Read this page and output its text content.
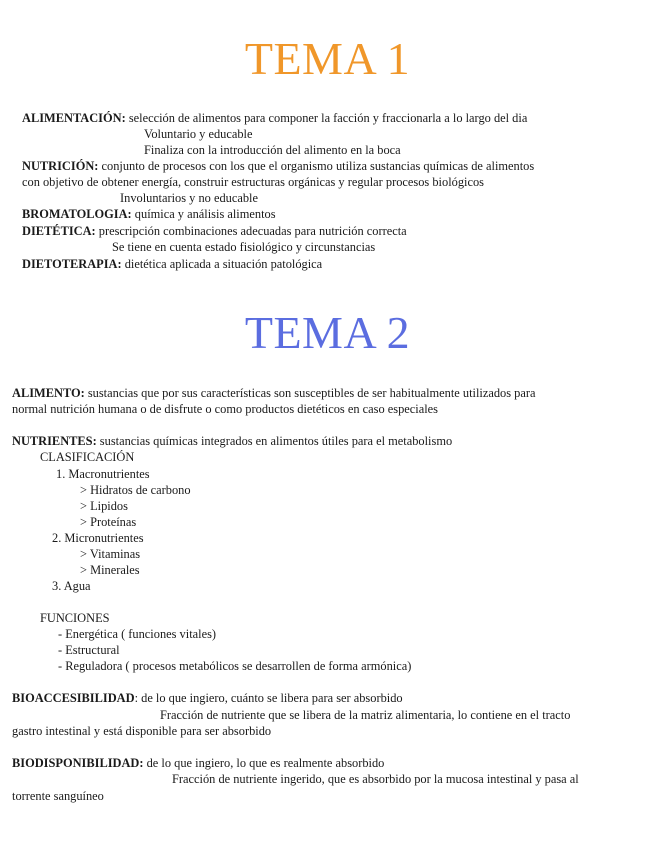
TEMA 1

ALIMENTACIÓN: selección de alimentos para componer la facción y fraccionarla a lo largo del dia

Voluntario y educable

Finaliza con la introducción del alimento en la boca

NUTRICIÓN: conjunto de procesos con los que el organismo utiliza sustancias químicas de alimentos

con objetivo de obtener energía, construir estructuras orgánicas y regular procesos biológicos

Involuntarios y no educable

BROMATOLOGIA: química y análisis alimentos

DIETÉTICA: prescripción combinaciones adecuadas para nutrición correcta

Se tiene en cuenta estado fisiológico y circunstancias

DIETOTERAPIA: dietética aplicada a situación patológica

TEMA 2

ALIMENTO: sustancias que por sus características son susceptibles de ser habitualmente utilizados para

normal nutrición humana o de disfrute o como productos dietéticos en caso especiales

NUTRIENTES: sustancias químicas integrados en alimentos útiles para el metabolismo

CLASIFICACIÓN

1. Macronutrientes

> Hidratos de carbono

> Lipidos

> Proteínas

2. Micronutrientes

> Vitaminas

> Minerales

3. Agua

FUNCIONES

- Energética ( funciones vitales)

- Estructural

- Reguladora ( procesos metabólicos se desarrollen de forma armónica)

BIOACCESIBILIDAD: de lo que ingiero, cuánto se libera para ser absorbido

Fracción de nutriente que se libera de la matriz alimentaria, lo contiene en el tracto

gastro intestinal y está disponible para ser absorbido

BIODISPONIBILIDAD: de lo que ingiero, lo que es realmente absorbido

Fracción de nutriente ingerido, que es absorbido por la mucosa intestinal y pasa al

torrente sanguíneo
